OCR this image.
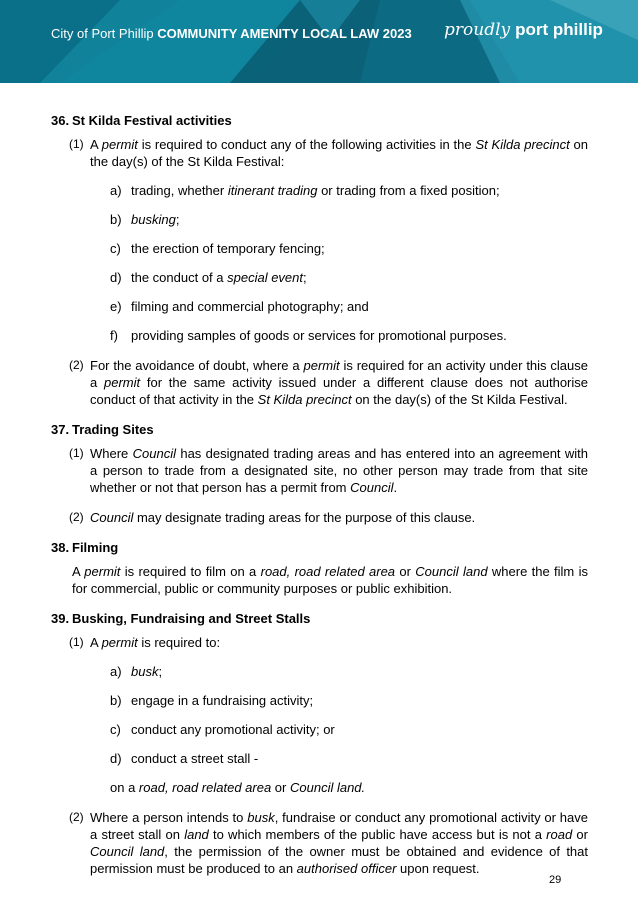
City of Port Phillip COMMUNITY AMENITY LOCAL LAW 2023 proudly port phillip
36. St Kilda Festival activities
(1) A permit is required to conduct any of the following activities in the St Kilda precinct on the day(s) of the St Kilda Festival:
a) trading, whether itinerant trading or trading from a fixed position;
b) busking;
c) the erection of temporary fencing;
d) the conduct of a special event;
e) filming and commercial photography; and
f)	providing samples of goods or services for promotional purposes.
(2) For the avoidance of doubt, where a permit is required for an activity under this clause a permit for the same activity issued under a different clause does not authorise conduct of that activity in the St Kilda precinct on the day(s) of the St Kilda Festival.
37. Trading Sites
(1) Where Council has designated trading areas and has entered into an agreement with a person to trade from a designated site, no other person may trade from that site whether or not that person has a permit from Council.
(2) Council may designate trading areas for the purpose of this clause.
38. Filming
A permit is required to film on a road, road related area or Council land where the film is for commercial, public or community purposes or public exhibition.
39. Busking, Fundraising and Street Stalls
(1) A permit is required to:
a) busk;
b) engage in a fundraising activity;
c) conduct any promotional activity; or
d) conduct a street stall -
on a road, road related area or Council land.
(2) Where a person intends to busk, fundraise or conduct any promotional activity or have a street stall on land to which members of the public have access but is not a road or Council land, the permission of the owner must be obtained and evidence of that permission must be produced to an authorised officer upon request.
29
